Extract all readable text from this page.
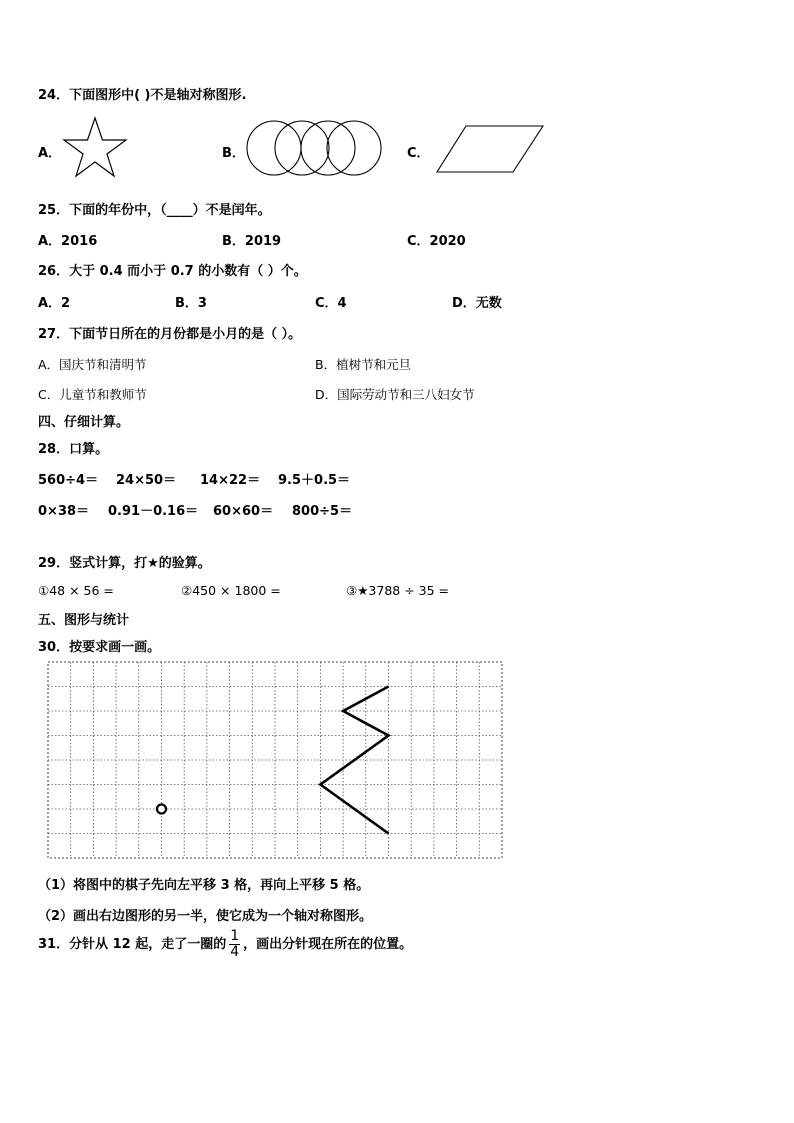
24．下面图形中( )不是轴对称图形.
A．	B．	C．
25．下面的年份中，（____）不是闰年。
A．2016	B．2019	C．2020
26．大于 0.4 而小于 0.7 的小数有（ ）个。
A．2	B．3	C．4	D．无数
27．下面节日所在的月份都是小月的是（ ）。
A．国庆节和清明节	B．植树节和元旦
C．儿童节和教师节	D．国际劳动节和三八妇女节
四、仔细计算。
28．口算。
560÷4＝ 24×50＝ 14×22＝ 9.5＋0.5＝
0×38＝ 0.91－0.16＝ 60×60＝ 800÷5＝
29．竖式计算，打★的验算。
①48 × 56 =	②450 × 1800 =	③★3788 ÷ 35 =
五、图形与统计
30．按要求画一画。
（1）将图中的棋子先向左平移 3 格，再向上平移 5 格。
（2）画出右边图形的另一半，使它成为一个轴对称图形。
31．分针从 12 起，走了一圈的 $\frac{1}{4}$ ，画出分针现在所在的位置。
